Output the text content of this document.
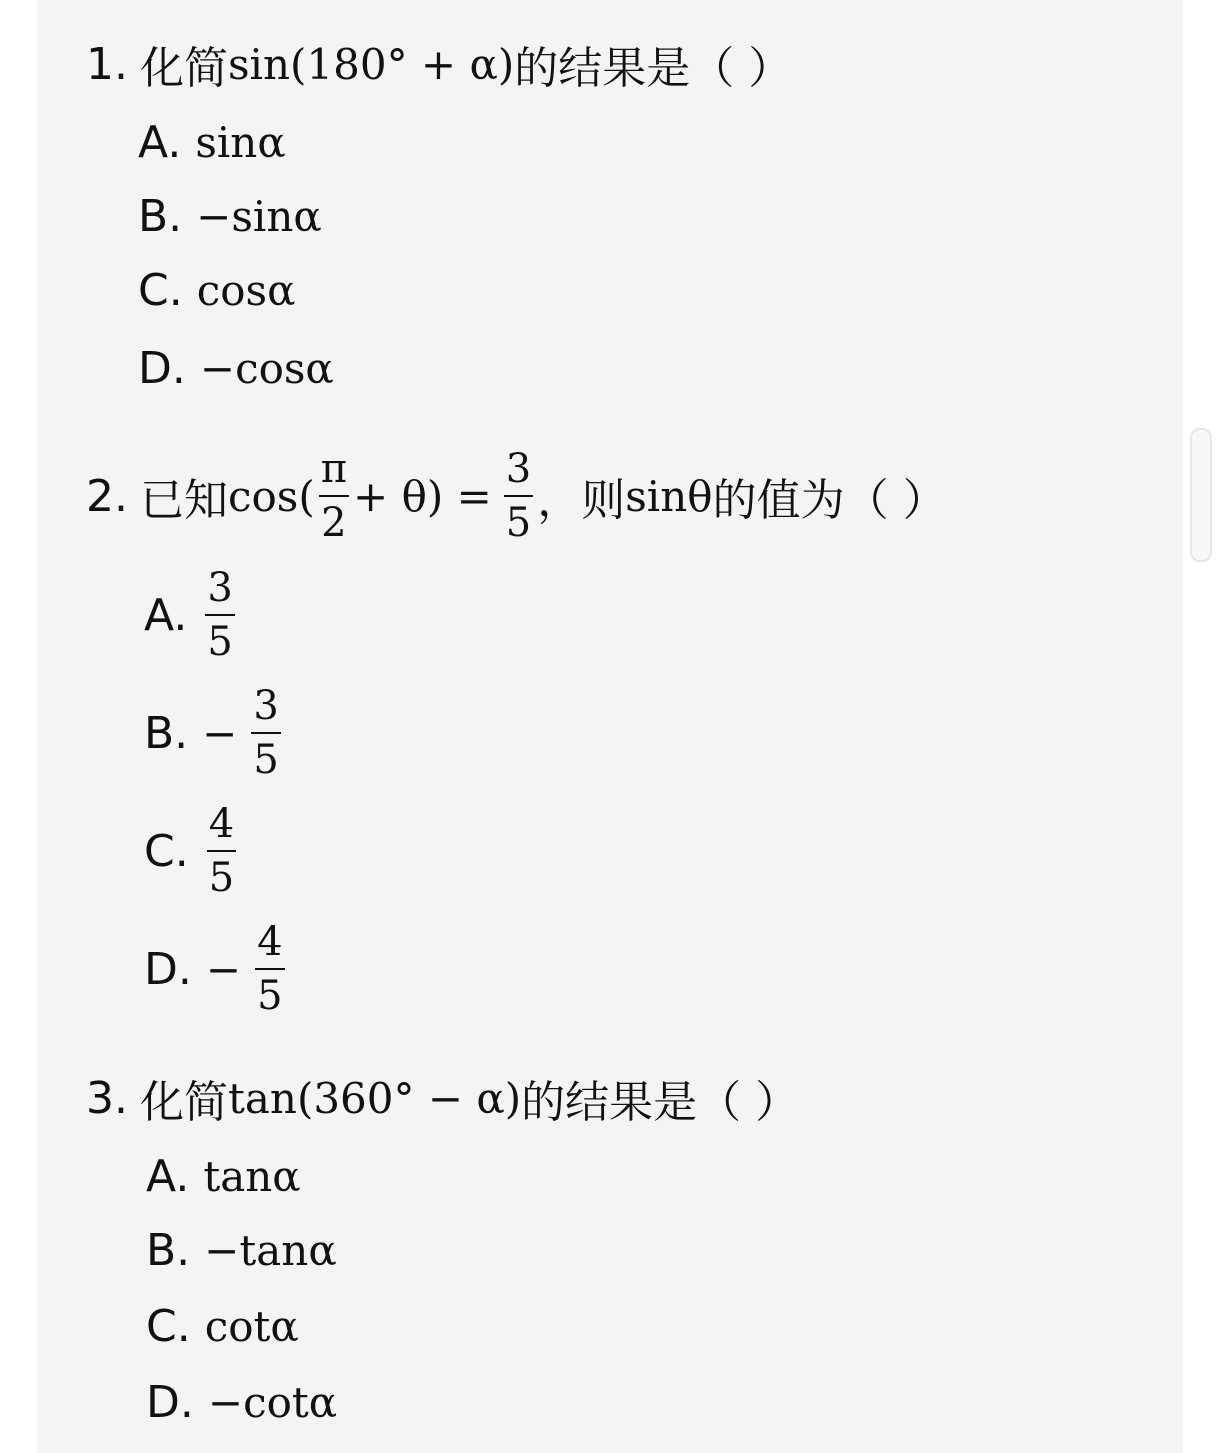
1. 化简 sin(180° + α) 的结果是（ ）
A. sinα
B. −sinα
C. cosα
D. −cosα
2. 已知 $\cos( \frac{\pi}{2} + \theta) = \frac{3}{5}$ ，则 sinθ 的值为（ ）
A. $\frac{3}{5}$
B. − $\frac{3}{5}$
C. $\frac{4}{5}$
D. − $\frac{4}{5}$
3. 化简 tan(360° − α) 的结果是（ ）
A. tanα
B. −tanα
C. cotα
D. −cotα
